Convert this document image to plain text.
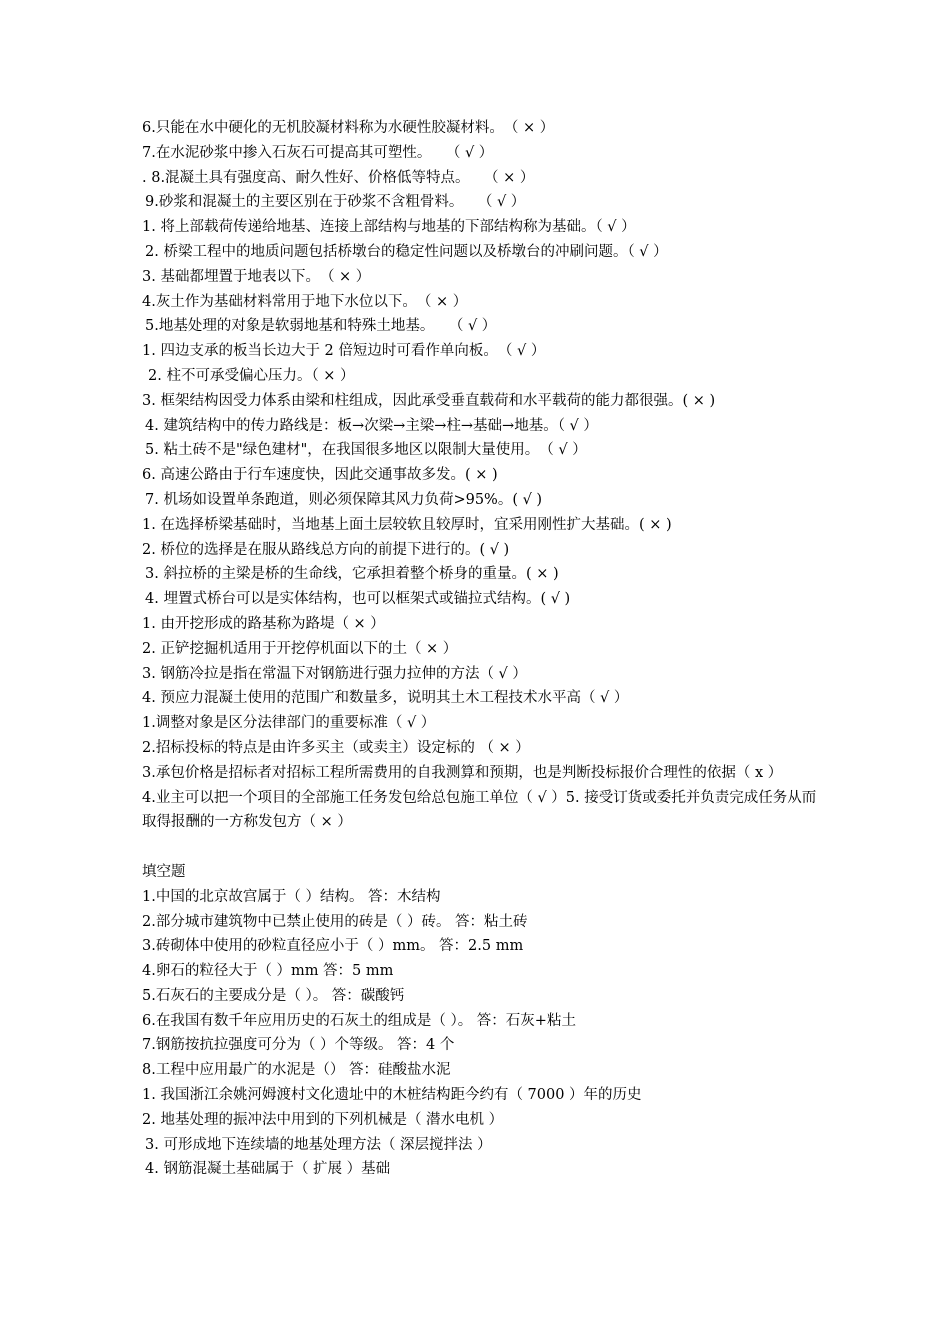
6.只能在水中硬化的无机胶凝材料称为水硬性胶凝材料。　（ × ）
7.在水泥砂浆中掺入石灰石可提高其可塑性。　　（ √ ）
. 8.混凝土具有强度高、耐久性好、价格低等特点。　　（ × ）
9.砂浆和混凝土的主要区别在于砂浆不含粗骨料。　　（ √ ）
1. 将上部载荷传递给地基、连接上部结构与地基的下部结构称为基础。（ √ ）
2. 桥梁工程中的地质问题包括桥墩台的稳定性问题以及桥墩台的冲刷问题。（ √ ）
3. 基础都埋置于地表以下。　（ × ）
4.灰土作为基础材料常用于地下水位以下。　（ × ）
5.地基处理的对象是软弱地基和特殊土地基。　　（ √ ）
1. 四边支承的板当长边大于 2 倍短边时可看作单向板。　（ √ ）
2. 柱不可承受偏心压力。（ × ）
3. 框架结构因受力体系由梁和柱组成，因此承受垂直载荷和水平载荷的能力都很强。( × )
4. 建筑结构中的传力路线是：板→次梁→主梁→柱→基础→地基。（ √ ）
5. 粘土砖不是"绿色建材"，在我国很多地区以限制大量使用。　（ √ ）
6. 高速公路由于行车速度快，因此交通事故多发。( × )
7. 机场如设置单条跑道，则必须保障其风力负荷>95%。( √ )
1. 在选择桥梁基础时，当地基上面土层较软且较厚时，宜采用刚性扩大基础。( × )
2. 桥位的选择是在服从路线总方向的前提下进行的。( √ )
3. 斜拉桥的主梁是桥的生命线，它承担着整个桥身的重量。( × )
4. 埋置式桥台可以是实体结构，也可以框架式或锚拉式结构。( √ )
1. 由开挖形成的路基称为路堤（ × ）
2. 正铲挖掘机适用于开挖停机面以下的土（ × ）
3. 钢筋冷拉是指在常温下对钢筋进行强力拉伸的方法（ √ ）
4. 预应力混凝土使用的范围广和数量多，说明其土木工程技术水平高（ √ ）
1.调整对象是区分法律部门的重要标准（ √ ）
2.招标投标的特点是由许多买主（或卖主）设定标的 （ × ）
3.承包价格是招标者对招标工程所需费用的自我测算和预期，也是判断投标报价合理性的依据（ x ）
4.业主可以把一个项目的全部施工任务发包给总包施工单位（ √ ）5. 接受订货或委托并负责完成任务从而取得报酬的一方称发包方（ × ）
填空题
1.中国的北京故宫属于（ ）结构。 答：木结构
2.部分城市建筑物中已禁止使用的砖是（ ）砖。 答：粘土砖
3.砖砌体中使用的砂粒直径应小于（ ）mm。 答：2.5 mm
4.卵石的粒径大于（ ）mm 答：5 mm
5.石灰石的主要成分是（ ）。 答：碳酸钙
6.在我国有数千年应用历史的石灰土的组成是（ ）。 答：石灰+粘土
7.钢筋按抗拉强度可分为（ ）个等级。 答：4 个
8.工程中应用最广的水泥是（） 答：硅酸盐水泥
1. 我国浙江余姚河姆渡村文化遗址中的木桩结构距今约有（ 7000 ）年的历史
2. 地基处理的振冲法中用到的下列机械是（ 潜水电机 ）
3. 可形成地下连续墙的地基处理方法（ 深层搅拌法 ）
4. 钢筋混凝土基础属于（ 扩展 ）基础
